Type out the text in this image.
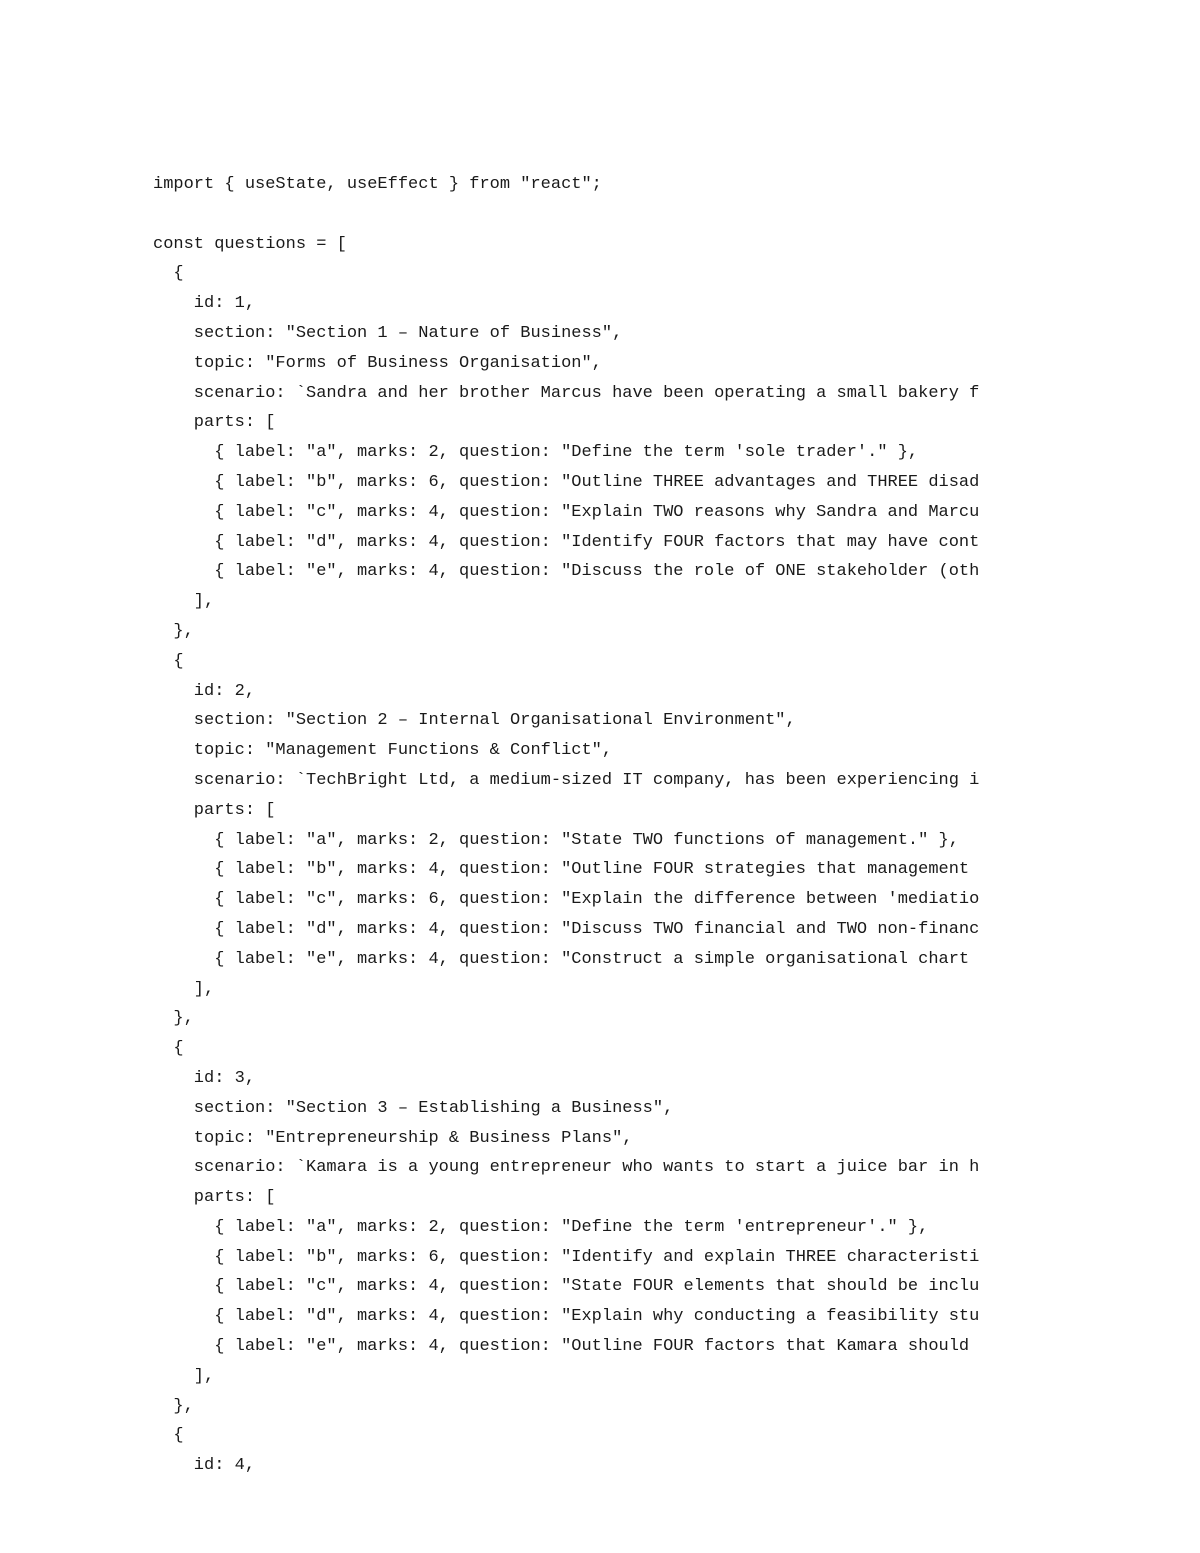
import { useState, useEffect } from "react";
const questions = [
{
id: 1,
section: "Section 1 – Nature of Business",
topic: "Forms of Business Organisation",
scenario: `Sandra and her brother Marcus have been operating a small bakery f
parts: [
{ label: "a", marks: 2, question: "Define the term 'sole trader'." },
{ label: "b", marks: 6, question: "Outline THREE advantages and THREE disad
{ label: "c", marks: 4, question: "Explain TWO reasons why Sandra and Marcu
{ label: "d", marks: 4, question: "Identify FOUR factors that may have cont
{ label: "e", marks: 4, question: "Discuss the role of ONE stakeholder (oth
],
},
{
id: 2,
section: "Section 2 – Internal Organisational Environment",
topic: "Management Functions & Conflict",
scenario: `TechBright Ltd, a medium-sized IT company, has been experiencing i
parts: [
{ label: "a", marks: 2, question: "State TWO functions of management." },
{ label: "b", marks: 4, question: "Outline FOUR strategies that management
{ label: "c", marks: 6, question: "Explain the difference between 'mediatio
{ label: "d", marks: 4, question: "Discuss TWO financial and TWO non-financ
{ label: "e", marks: 4, question: "Construct a simple organisational chart
],
},
{
id: 3,
section: "Section 3 – Establishing a Business",
topic: "Entrepreneurship & Business Plans",
scenario: `Kamara is a young entrepreneur who wants to start a juice bar in h
parts: [
{ label: "a", marks: 2, question: "Define the term 'entrepreneur'." },
{ label: "b", marks: 6, question: "Identify and explain THREE characteristi
{ label: "c", marks: 4, question: "State FOUR elements that should be inclu
{ label: "d", marks: 4, question: "Explain why conducting a feasibility stu
{ label: "e", marks: 4, question: "Outline FOUR factors that Kamara should
],
},
{
id: 4,
